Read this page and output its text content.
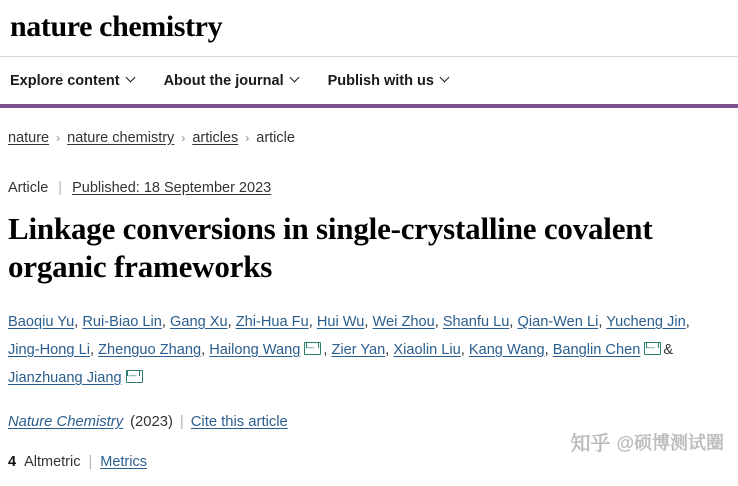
nature chemistry
Explore content	About the journal	Publish with us
nature › nature chemistry › articles › article
Article | Published: 18 September 2023
Linkage conversions in single-crystalline covalent organic frameworks
Baoqiu Yu, Rui-Biao Lin, Gang Xu, Zhi-Hua Fu, Hui Wu, Wei Zhou, Shanfu Lu, Qian-Wen Li, Yucheng Jin, Jing-Hong Li, Zhenguo Zhang, Hailong Wang , Zier Yan, Xiaolin Liu, Kang Wang, Banglin Chen & Jianzhuang Jiang
Nature Chemistry (2023) | Cite this article
4 Altmetric | Metrics
知乎 @硕博测试圈
